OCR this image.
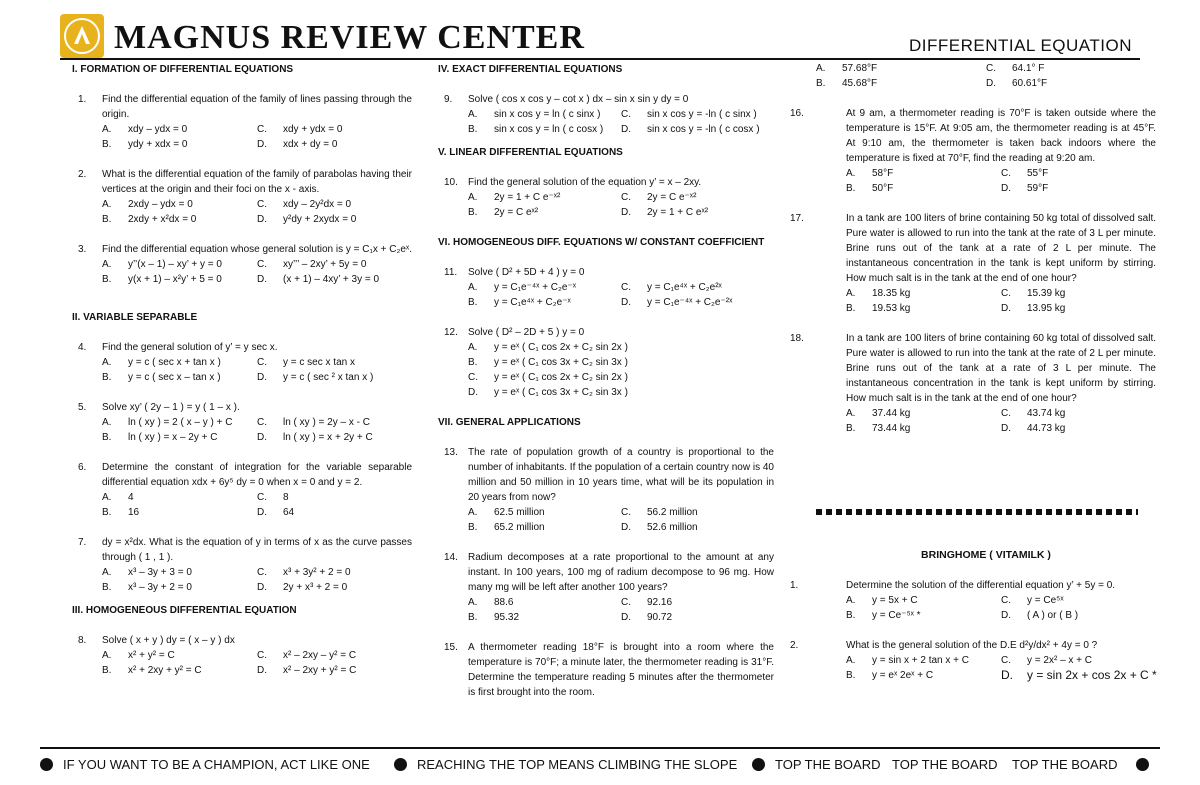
MAGNUS REVIEW CENTER	DIFFERENTIAL EQUATION
I. FORMATION OF DIFFERENTIAL EQUATIONS
1. Find the differential equation of the family of lines passing through the origin.
A. xdy – ydx = 0	C. xdy + ydx = 0
B. ydy + xdx = 0	D. xdx + dy = 0
2. What is the differential equation of the family of parabolas having their vertices at the origin and their foci on the x - axis.
A. 2xdy – ydx = 0	C. xdy – 2y²dx = 0
B. 2xdy + x²dx = 0	D. y²dy + 2xydx = 0
3. Find the differential equation whose general solution is y = C₁x + C₂eˣ.
A. y’’(x – 1) – xy’ + y = 0	C. xy’’’ – 2xy’ + 5y = 0
B. y(x + 1) – x²y’ + 5 = 0	D. (x + 1) – 4xy’ + 3y = 0
II. VARIABLE SEPARABLE
4. Find the general solution of y’ = y sec x.
A. y = c ( sec x + tan x )	C. y = c sec x tan x
B. y = c ( sec x – tan x )	D. y = c ( sec ² x tan x )
5. Solve xy’ ( 2y – 1 ) = y ( 1 – x ).
A. ln ( xy ) = 2 ( x – y ) + C	C. ln ( xy ) = 2y – x - C
B. ln ( xy ) = x – 2y + C	D. ln ( xy ) = x + 2y + C
6. Determine the constant of integration for the variable separable differential equation xdx + 6y⁵ dy = 0 when x = 0 and y = 2.
A. 4	C. 8
B. 16	D. 64
7. dy = x²dx. What is the equation of y in terms of x as the curve passes through ( 1 , 1 ).
A. x³ – 3y + 3 = 0	C. x³ + 3y² + 2 = 0
B. x³ – 3y + 2 = 0	D. 2y + x³ + 2 = 0
III. HOMOGENEOUS DIFFERENTIAL EQUATION
8. Solve ( x + y ) dy = ( x – y ) dx
A. x² + y² = C	C. x² – 2xy – y² = C
B. x² + 2xy + y² = C	D. x² – 2xy + y² = C
IV. EXACT DIFFERENTIAL EQUATIONS
9. Solve ( cos x cos y – cot x ) dx – sin x sin y dy = 0
A. sin x cos y = ln ( c sinx )	C. sin x cos y = -ln ( c sinx )
B. sin x cos y = ln ( c cosx )	D. sin x cos y = -ln ( c cosx )
V. LINEAR DIFFERENTIAL EQUATIONS
10. Find the general solution of the equation y’ = x – 2xy.
A. 2y = 1 + C e⁻ˣ²	C. 2y = C e⁻ˣ²
B. 2y = C eˣ²	D. 2y = 1 + C eˣ²
VI. HOMOGENEOUS DIFF. EQUATIONS W/ CONSTANT COEFFICIENT
11. Solve ( D² + 5D + 4 ) y = 0
A. y = C₁e⁻⁴ˣ + C₂e⁻ˣ	C. y = C₁e⁴ˣ + C₂e²ˣ
B. y = C₁e⁴ˣ + C₂e⁻ˣ	D. y = C₁e⁻⁴ˣ + C₂e⁻²ˣ
12. Solve ( D² – 2D + 5 ) y = 0
A. y = eˣ ( C₁ cos 2x + C₂ sin 2x )
B. y = eˣ ( C₁ cos 3x + C₂ sin 3x )
C. y = eˣ ( C₁ cos 2x + C₂ sin 2x )
D. y = eˣ ( C₁ cos 3x + C₂ sin 3x )
VII. GENERAL APPLICATIONS
13. The rate of population growth of a country is proportional to the number of inhabitants. If the population of a certain country now is 40 million and 50 million in 10 years time, what will be its population in 20 years from now?
A. 62.5 million	C. 56.2 million
B. 65.2 million	D. 52.6 million
14. Radium decomposes at a rate proportional to the amount at any instant. In 100 years, 100 mg of radium decompose to 96 mg. How many mg will be left after another 100 years?
A. 88.6	C. 92.16
B. 95.32	D. 90.72
15. A thermometer reading 18°F is brought into a room where the temperature is 70°F; a minute later, the thermometer reading is 31°F. Determine the temperature reading 5 minutes after the thermometer is first brought into the room.
A. 57.68°F	C. 64.1° F
B. 45.68°F	D. 60.61°F
16.	At 9 am, a thermometer reading is 70°F is taken outside where the temperature is 15°F. At 9:05 am, the thermometer reading is at 45°F. At 9:10 am, the thermometer is taken back indoors where the temperature is fixed at 70°F, find the reading at 9:20 am.
A. 58°F	C. 55°F
B. 50°F	D. 59°F
17.	In a tank are 100 liters of brine containing 50 kg total of dissolved salt. Pure water is allowed to run into the tank at the rate of 3 L per minute. Brine runs out of the tank at a rate of 2 L per minute. The instantaneous concentration in the tank is kept uniform by stirring. How much salt is in the tank at the end of one hour?
A. 18.35 kg	C. 15.39 kg
B. 19.53 kg	D. 13.95 kg
18.	In a tank are 100 liters of brine containing 60 kg total of dissolved salt. Pure water is allowed to run into the tank at the rate of 2 L per minute. Brine runs out of the tank at a rate of 3 L per minute. The instantaneous concentration in the tank is kept uniform by stirring. How much salt is in the tank at the end of one hour?
A. 37.44 kg	C. 43.74 kg
B. 73.44 kg	D. 44.73 kg
BRINGHOME ( VITAMILK )
1.	Determine the solution of the differential equation y’ + 5y = 0.
A. y = 5x + C	C. y = Ce⁵ˣ
B. y = Ce⁻⁵ˣ *	D. ( A ) or ( B )
2.	What is the general solution of the D.E d²y/dx² + 4y = 0 ?
A. y = sin x + 2 tan x + C	C. y = 2x² – x + C
B. y = eˣ 2eˣ + C	D. y = sin 2x + cos 2x + C *
IF YOU WANT TO BE A CHAMPION, ACT LIKE ONE	REACHING THE TOP MEANS CLIMBING THE SLOPE	TOP THE BOARD TOP THE BOARD TOP THE BOARD
